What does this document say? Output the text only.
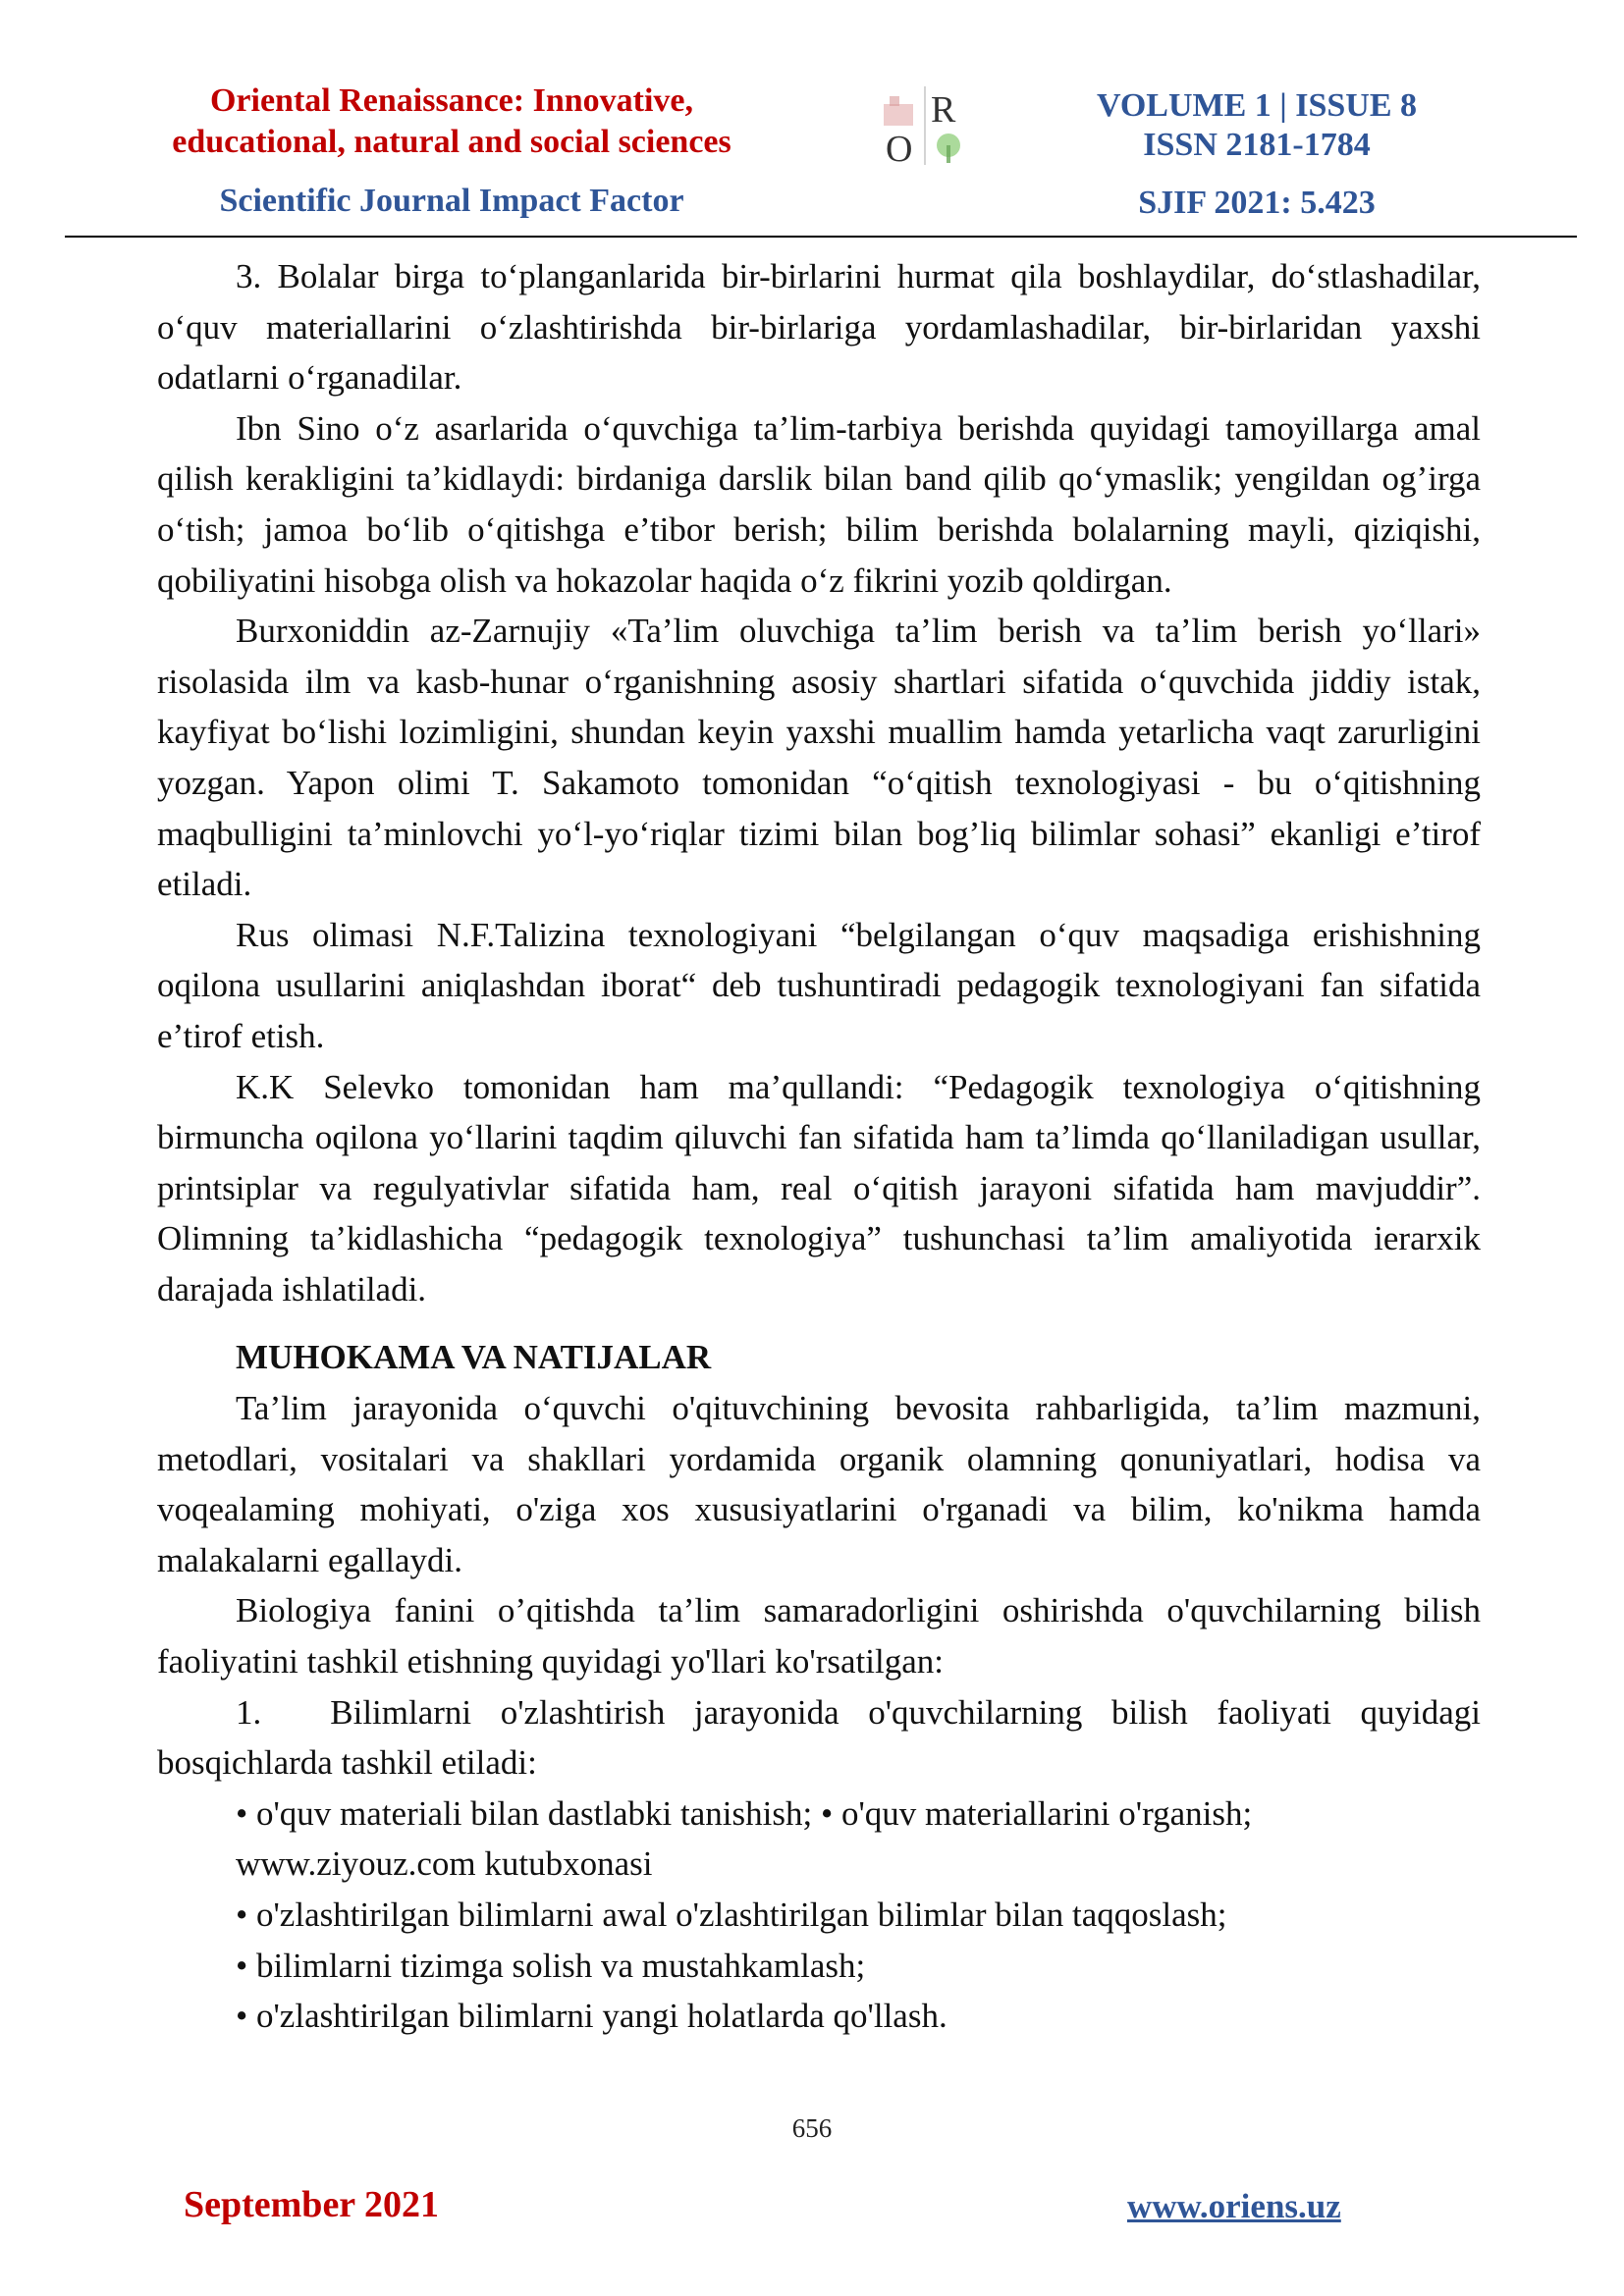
Oriental Renaissance: Innovative,
educational, natural and social sciences
Scientific Journal Impact Factor
R
O
VOLUME 1 | ISSUE 8
ISSN 2181-1784
SJIF 2021: 5.423

3. Bolalar birga to‘planganlarida bir-birlarini hurmat qila boshlaydilar, do‘stlashadilar, o‘quv materiallarini o‘zlashtirishda bir-birlariga yordamlashadilar, bir-birlaridan yaxshi odatlarni o‘rganadilar.

Ibn Sino o‘z asarlarida o‘quvchiga ta’lim-tarbiya berishda quyidagi tamoyillarga amal qilish kerakligini ta’kidlaydi: birdaniga darslik bilan band qilib qo‘ymaslik; yengildan og’irga o‘tish; jamoa bo‘lib o‘qitishga e’tibor berish; bilim berishda bolalarning mayli, qiziqishi, qobiliyatini hisobga olish va hokazolar haqida o‘z fikrini yozib qoldirgan.

Burxoniddin az-Zarnujiy «Ta’lim oluvchiga ta’lim berish va ta’lim berish yo‘llari» risolasida ilm va kasb-hunar o‘rganishning asosiy shartlari sifatida o‘quvchida jiddiy istak, kayfiyat bo‘lishi lozimligini, shundan keyin yaxshi muallim hamda yetarlicha vaqt zarurligini yozgan. Yapon olimi T. Sakamoto tomonidan “o‘qitish texnologiyasi - bu o‘qitishning maqbulligini ta’minlovchi yo‘l-yo‘riqlar tizimi bilan bog’liq bilimlar sohasi” ekanligi e’tirof etiladi.

Rus olimasi N.F.Talizina texnologiyani “belgilangan o‘quv maqsadiga erishishning oqilona usullarini aniqlashdan iborat“ deb tushuntiradi pedagogik texnologiyani fan sifatida e’tirof etish.

K.K Selevko tomonidan ham ma’qullandi: “Pedagogik texnologiya o‘qitishning birmuncha oqilona yo‘llarini taqdim qiluvchi fan sifatida ham ta’limda qo‘llaniladigan usullar, printsiplar va regulyativlar sifatida ham, real o‘qitish jarayoni sifatida ham mavjuddir”. Olimning ta’kidlashicha “pedagogik texnologiya” tushunchasi ta’lim amaliyotida ierarxik darajada ishlatiladi.

MUHOKAMA VA NATIJALAR

Ta’lim jarayonida o‘quvchi o'qituvchining bevosita rahbarligida, ta’lim mazmuni, metodlari, vositalari va shakllari yordamida organik olamning qonuniyatlari, hodisa va voqealaming mohiyati, o'ziga xos xususiyatlarini o'rganadi va bilim, ko'nikma hamda malakalarni egallaydi.

Biologiya fanini o’qitishda ta’lim samaradorligini oshirishda o'quvchilarning bilish faoliyatini tashkil etishning quyidagi yo'llari ko'rsatilgan:

1.  Bilimlarni o'zlashtirish jarayonida o'quvchilarning bilish faoliyati quyidagi bosqichlarda tashkil etiladi:

• o'quv materiali bilan dastlabki tanishish; • o'quv materiallarini o'rganish;
www.ziyouz.com kutubxonasi
• o'zlashtirilgan bilimlarni awal o'zlashtirilgan bilimlar bilan taqqoslash;
• bilimlarni tizimga solish va mustahkamlash;
• o'zlashtirilgan bilimlarni yangi holatlarda qo'llash.
656
September 2021	www.oriens.uz
